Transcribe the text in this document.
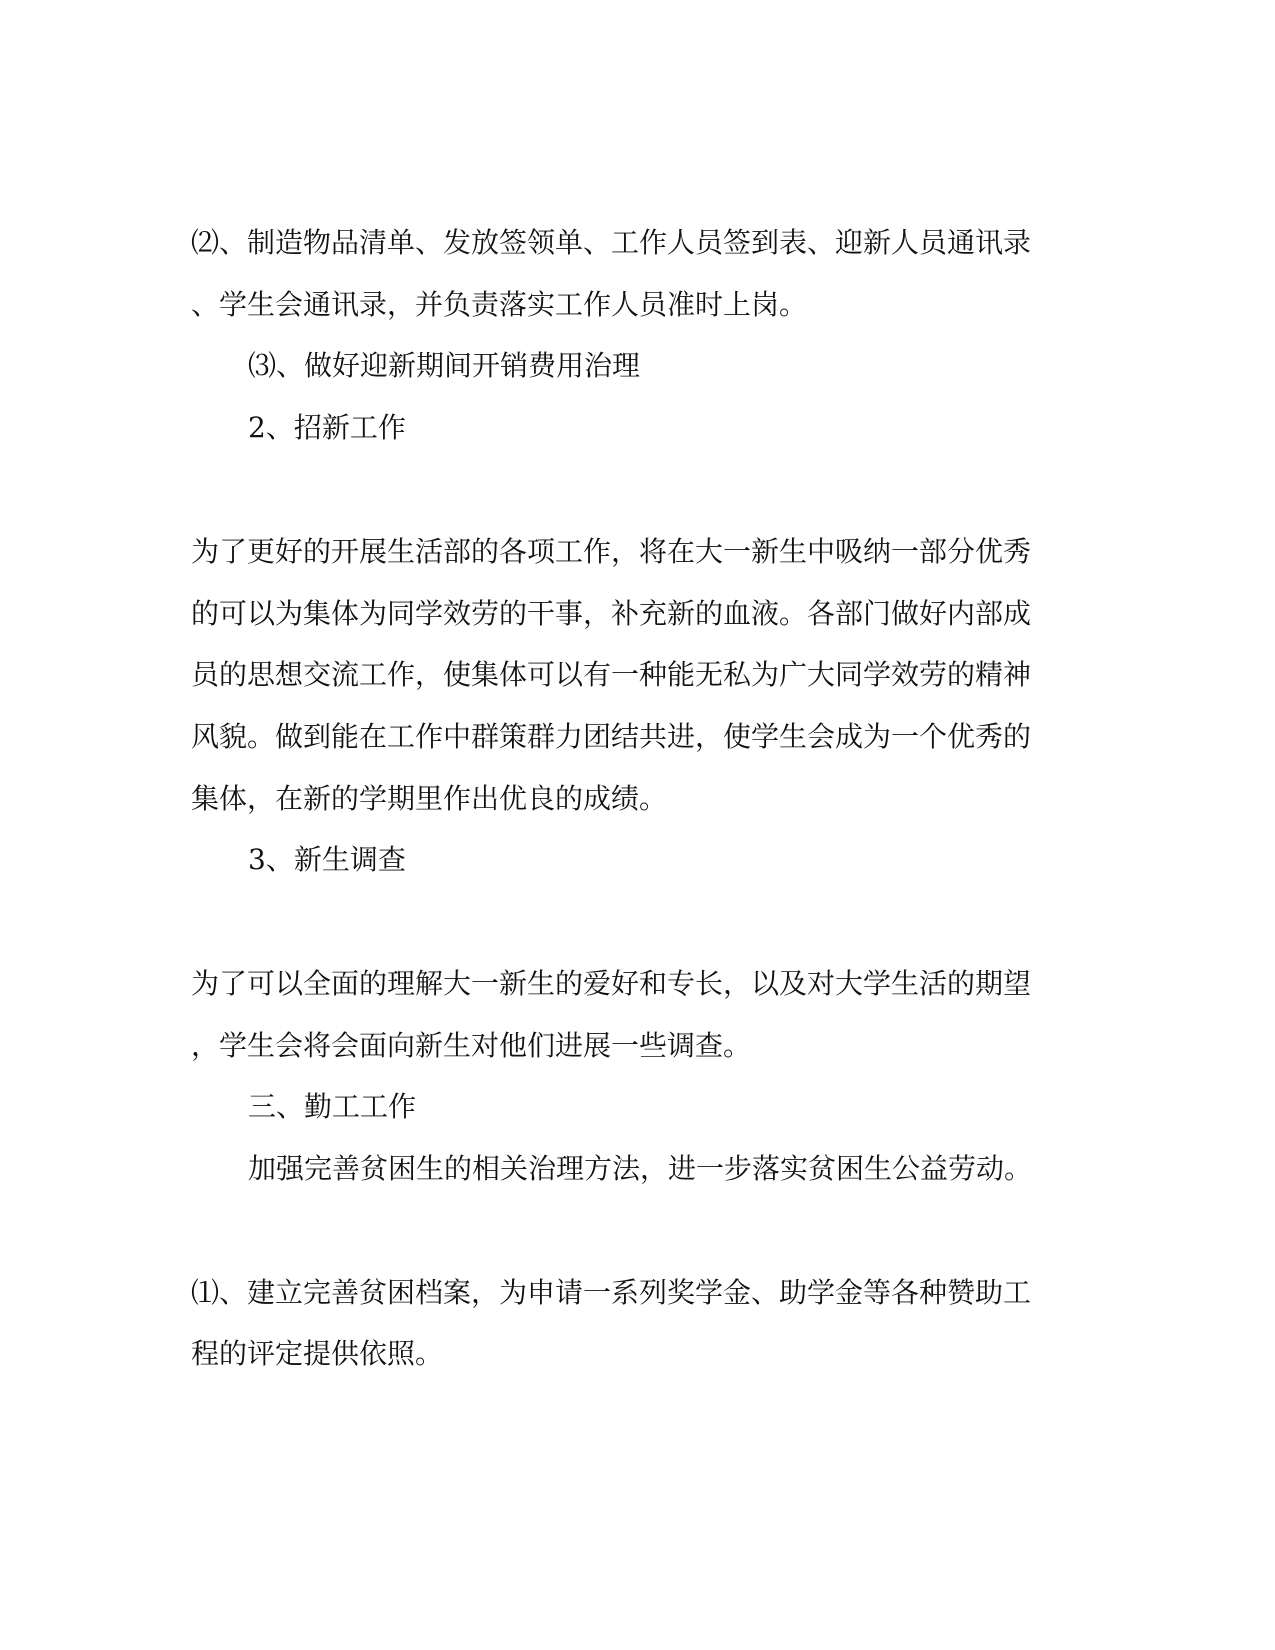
⑵、制造物品清单、发放签领单、工作人员签到表、迎新人员通讯录
、学生会通讯录，并负责落实工作人员准时上岗。
⑶、做好迎新期间开销费用治理
2、招新工作
为了更好的开展生活部的各项工作，将在大一新生中吸纳一部分优秀
的可以为集体为同学效劳的干事，补充新的血液。各部门做好内部成
员的思想交流工作，使集体可以有一种能无私为广大同学效劳的精神
风貌。做到能在工作中群策群力团结共进，使学生会成为一个优秀的
集体，在新的学期里作出优良的成绩。
3、新生调查
为了可以全面的理解大一新生的爱好和专长，以及对大学生活的期望
，学生会将会面向新生对他们进展一些调查。
三、勤工工作
加强完善贫困生的相关治理方法，进一步落实贫困生公益劳动。
⑴、建立完善贫困档案，为申请一系列奖学金、助学金等各种赞助工
程的评定提供依照。
